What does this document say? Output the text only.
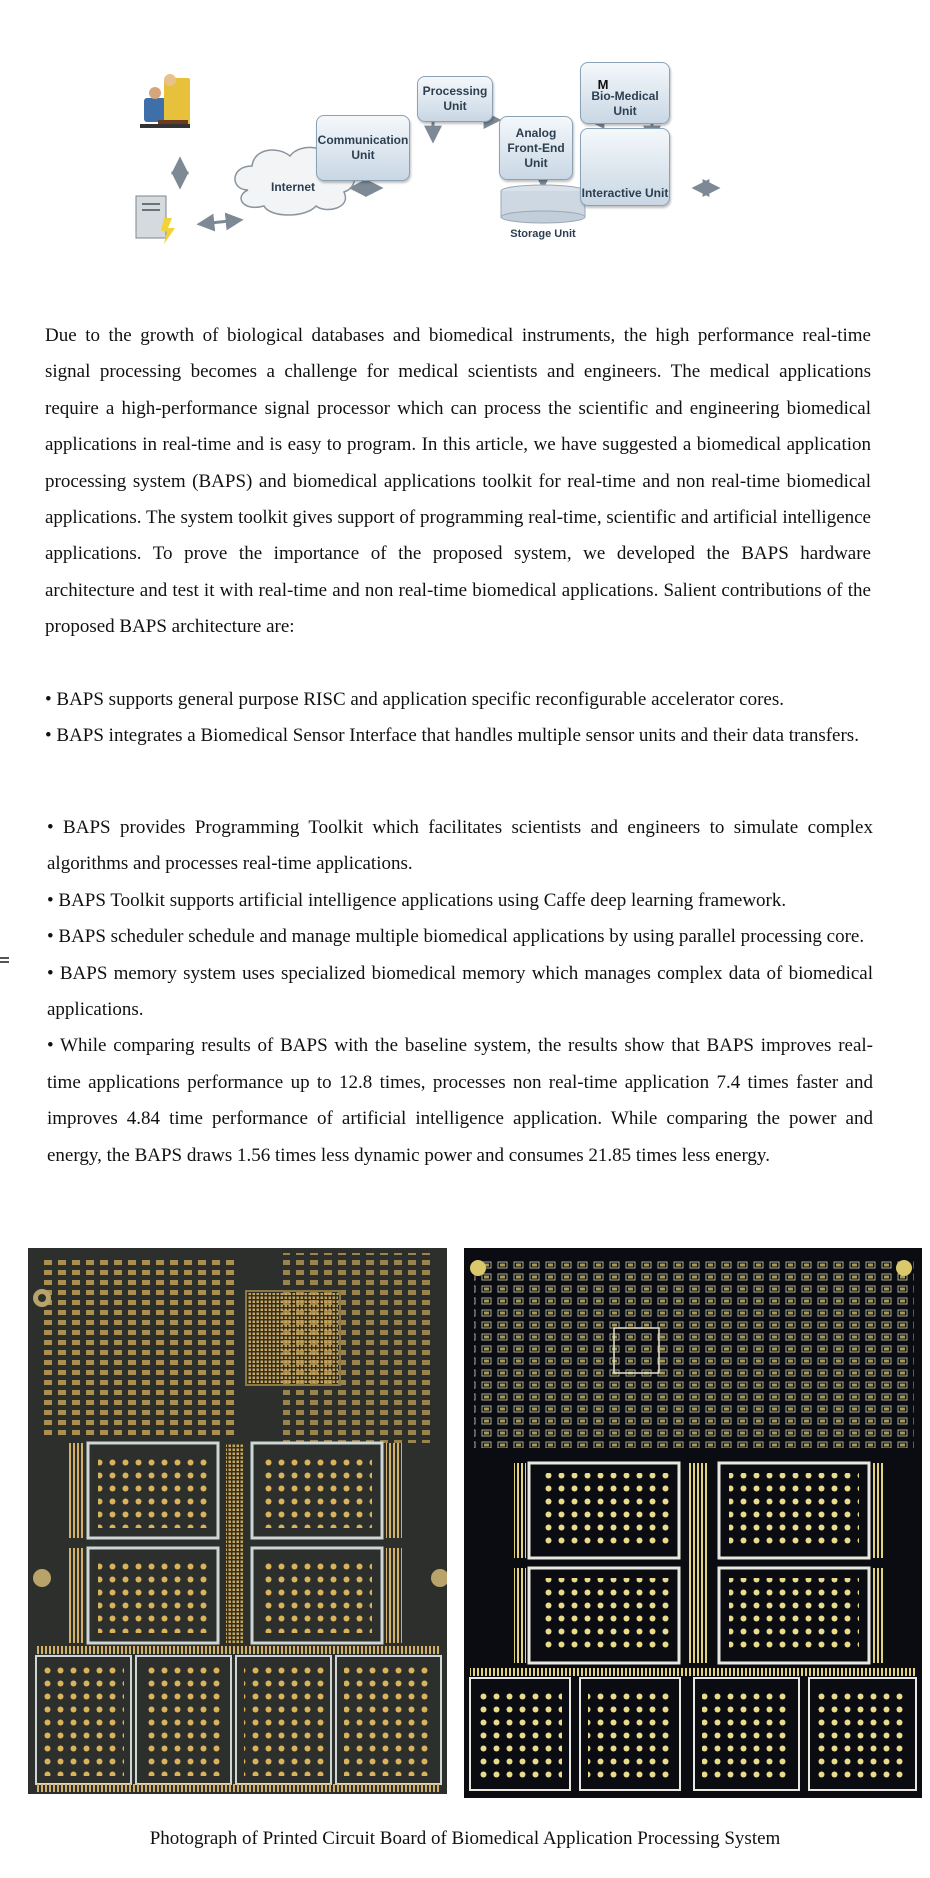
Communication Unit
Processing Unit
Analog Front-End Unit
Bio-Medical Unit
M
Interactive Unit
Internet
Storage Unit

Due to the growth of biological databases and biomedical instruments, the high performance real-time signal processing becomes a challenge for medical scientists and engineers. The medical applications require a high-performance signal processor which can process the scientific and engineering biomedical applications in real-time and is easy to program. In this article, we have suggested a biomedical application processing system (BAPS) and biomedical applications toolkit for real-time and non real-time biomedical applications. The system toolkit gives support of programming real-time, scientific and artificial intelligence applications. To prove the importance of the proposed system, we developed the BAPS hardware architecture and test it with real-time and non real-time biomedical applications. Salient contributions of the proposed BAPS architecture are:

• BAPS supports general purpose RISC and application specific reconfigurable accelerator cores.

• BAPS integrates a Biomedical Sensor Interface that handles multiple sensor units and their data transfers.

• BAPS provides Programming Toolkit which facilitates scientists and engineers to simulate complex algorithms and processes real-time applications.

• BAPS Toolkit supports artificial intelligence applications using Caffe deep learning framework.

• BAPS scheduler schedule and manage multiple biomedical applications by using parallel processing core.

• BAPS memory system uses specialized biomedical memory which manages complex data of biomedical applications.

• While comparing results of BAPS with the baseline system, the results show that BAPS improves real-time applications performance up to 12.8 times, processes non real-time application 7.4 times faster and improves 4.84 time performance of artificial intelligence application. While comparing the power and energy, the BAPS draws 1.56 times less dynamic power and consumes 21.85 times less energy.

Photograph of Printed Circuit Board of Biomedical Application Processing System
